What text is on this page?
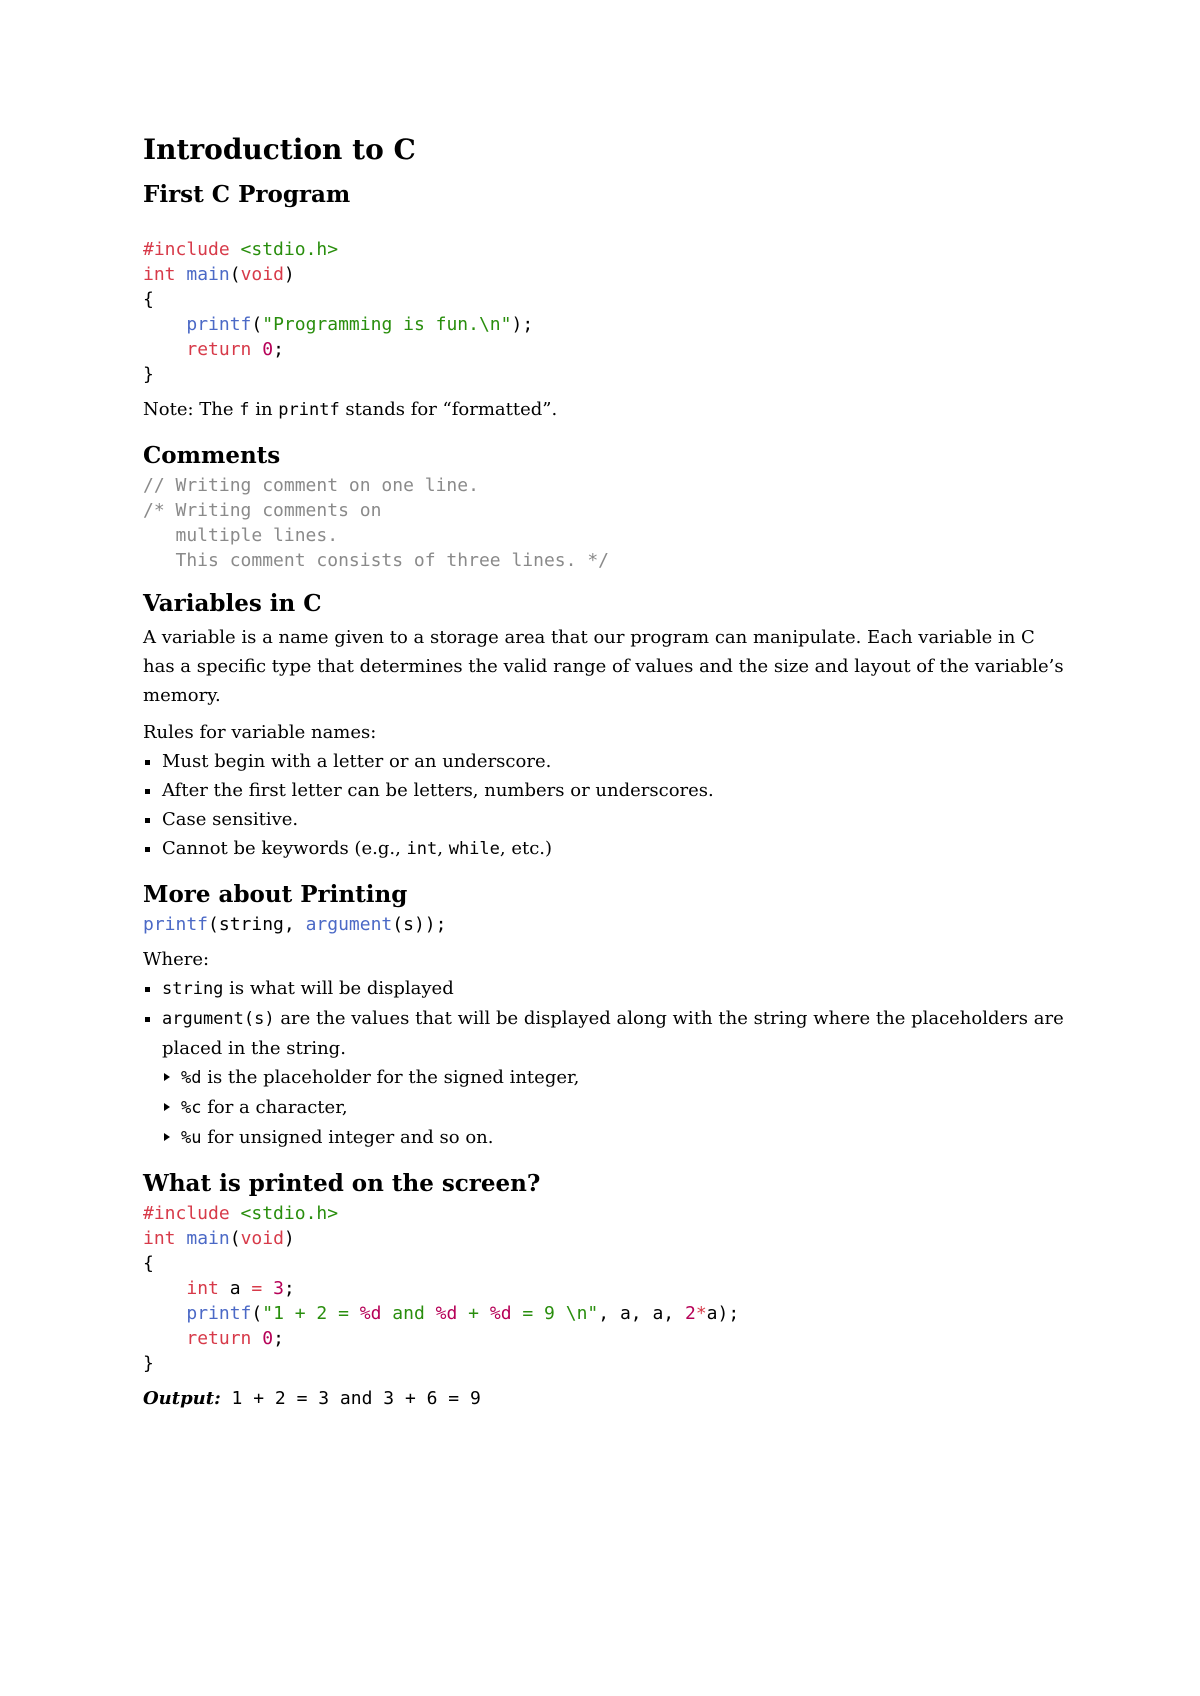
Introduction to C
First C Program

#include <stdio.h>
int main(void)
{
printf("Programming is fun.\n");
return 0;
}

Note: The f in printf stands for “formatted”.

Comments
// Writing comment on one line.
/* Writing comments on
multiple lines.
This comment consists of three lines. */
Variables in C

A variable is a name given to a storage area that our program can manipulate. Each variable in C has a specific type that determines the valid range of values and the size and layout of the variable’s memory.

Rules for variable names:

Must begin with a letter or an underscore.
After the first letter can be letters, numbers or underscores.
Case sensitive.
Cannot be keywords (e.g., int, while, etc.)
More about Printing
printf(string, argument(s));

Where:

string is what will be displayed
argument(s) are the values that will be displayed along with the string where the placeholders are placed in the string.
%d is the placeholder for the signed integer,
%c for a character,
%u for unsigned integer and so on.
What is printed on the screen?
#include <stdio.h>
int main(void)
{
int a = 3;
printf("1 + 2 = %d and %d + %d = 9 \n", a, a, 2*a);
return 0;
}

Output: 1 + 2 = 3 and 3 + 6 = 9
